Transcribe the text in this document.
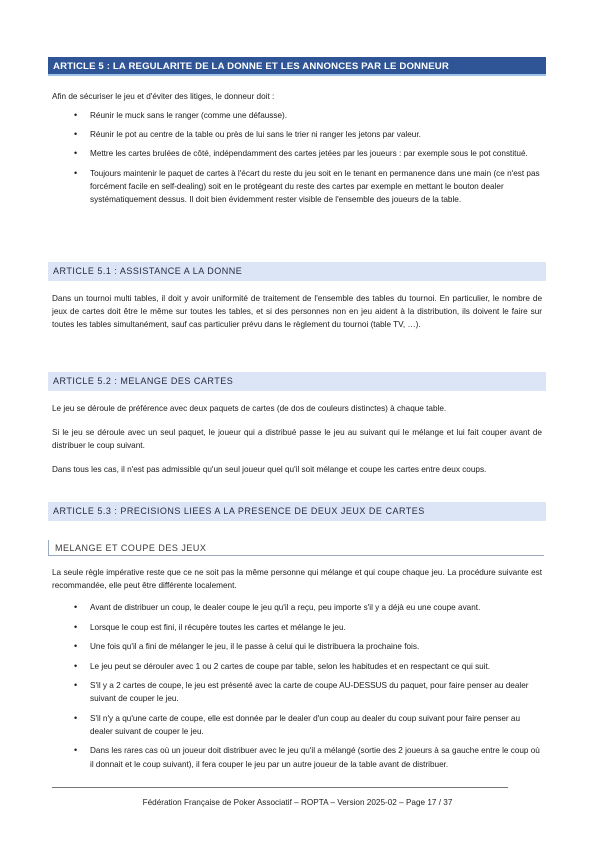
ARTICLE 5 : LA REGULARITE DE LA DONNE ET LES ANNONCES PAR LE DONNEUR

Afin de sécuriser le jeu et d'éviter des litiges, le donneur doit :

• Réunir le muck sans le ranger (comme une défausse).
• Réunir le pot au centre de la table ou près de lui sans le trier ni ranger les jetons par valeur.
• Mettre les cartes brulées de côté, indépendamment des cartes jetées par les joueurs : par exemple sous le pot constitué.
• Toujours maintenir le paquet de cartes à l'écart du reste du jeu soit en le tenant en permanence dans une main (ce n'est pas forcément facile en self-dealing) soit en le protégeant du reste des cartes par exemple en mettant le bouton dealer systématiquement dessus. Il doit bien évidemment rester visible de l'ensemble des joueurs de la table.
ARTICLE 5.1 : ASSISTANCE A LA DONNE

Dans un tournoi multi tables, il doit y avoir uniformité de traitement de l'ensemble des tables du tournoi. En particulier, le nombre de jeux de cartes doit être le même sur toutes les tables, et si des personnes non en jeu aident à la distribution, ils doivent le faire sur toutes les tables simultanément, sauf cas particulier prévu dans le règlement du tournoi (table TV, …).

ARTICLE 5.2 : MELANGE DES CARTES

Le jeu se déroule de préférence avec deux paquets de cartes (de dos de couleurs distinctes) à chaque table.

Si le jeu se déroule avec un seul paquet, le joueur qui a distribué passe le jeu au suivant qui le mélange et lui fait couper avant de distribuer le coup suivant.

Dans tous les cas, il n'est pas admissible qu'un seul joueur quel qu'il soit mélange et coupe les cartes entre deux coups.

ARTICLE 5.3 : PRECISIONS LIEES A LA PRESENCE DE DEUX JEUX DE CARTES
MELANGE ET COUPE DES JEUX

La seule règle impérative reste que ce ne soit pas la même personne qui mélange et qui coupe chaque jeu. La procédure suivante est recommandée, elle peut être différente localement.

• Avant de distribuer un coup, le dealer coupe le jeu qu'il a reçu, peu importe s'il y a déjà eu une coupe avant.
• Lorsque le coup est fini, il récupère toutes les cartes et mélange le jeu.
• Une fois qu'il a fini de mélanger le jeu, il le passe à celui qui le distribuera la prochaine fois.
• Le jeu peut se dérouler avec 1 ou 2 cartes de coupe par table, selon les habitudes et en respectant ce qui suit.
• S'il y a 2 cartes de coupe, le jeu est présenté avec la carte de coupe AU-DESSUS du paquet, pour faire penser au dealer suivant de couper le jeu.
• S'il n'y a qu'une carte de coupe, elle est donnée par le dealer d'un coup au dealer du coup suivant pour faire penser au dealer suivant de couper le jeu.
• Dans les rares cas où un joueur doit distribuer avec le jeu qu'il a mélangé (sortie des 2 joueurs à sa gauche entre le coup où il donnait et le coup suivant), il fera couper le jeu par un autre joueur de la table avant de distribuer.
Fédération Française de Poker Associatif – ROPTA – Version 2025-02 – Page 17 / 37
